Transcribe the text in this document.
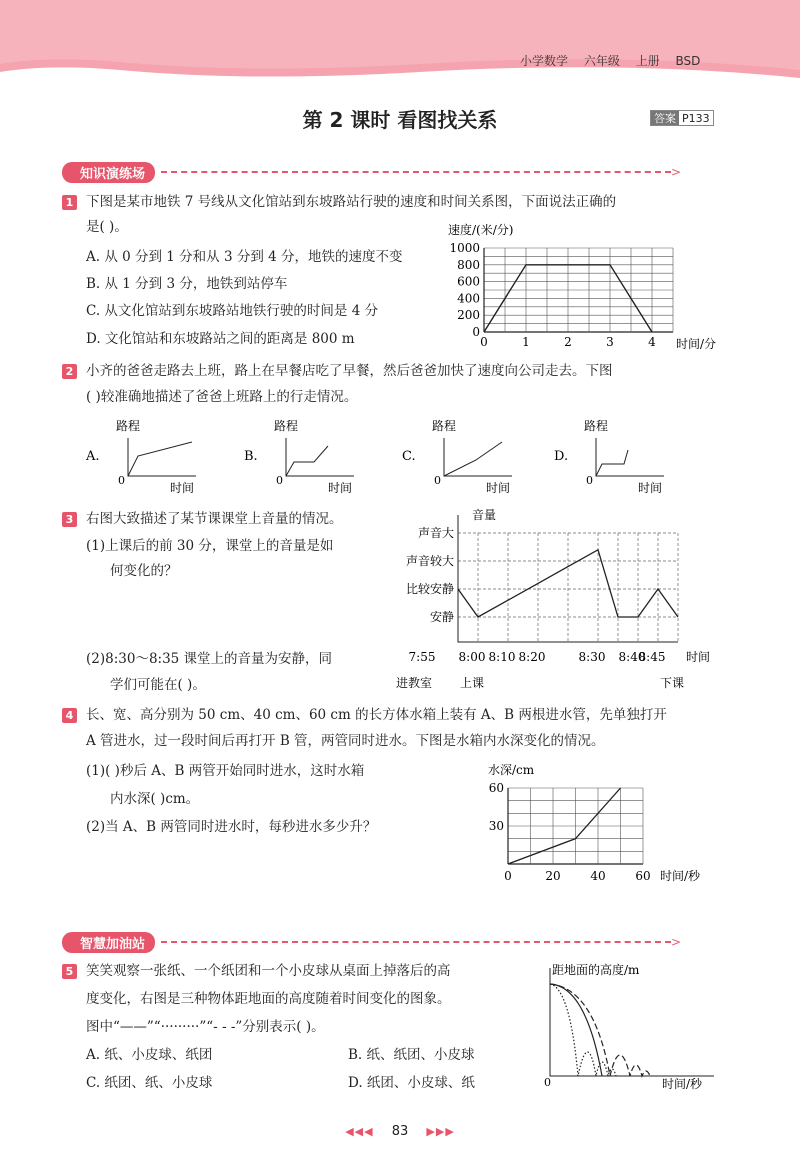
小学数学 六年级 上册 BSD
第 2 课时 看图找关系	答案 P133
知识演练场	>
1 下图是某市地铁 7 号线从文化馆站到东坡路站行驶的速度和时间关系图，下面说法正确的
是( )。
A. 从 0 分到 1 分和从 3 分到 4 分，地铁的速度不变
B. 从 1 分到 3 分，地铁到站停车
C. 从文化馆站到东坡路站地铁行驶的时间是 4 分
D. 文化馆站和东坡路站之间的距离是 800 m
速度/(米/分)
0
200
400
600
800
1000
0	1	2	3	4 时间/分
2 小齐的爸爸走路去上班，路上在早餐店吃了早餐，然后爸爸加快了速度向公司走去。下图
( )较准确地描述了爸爸上班路上的行走情况。
A.
路程
0
时间
B.
路程
0
时间
C.
路程
0
时间
D.
路程
0
时间
3 右图大致描述了某节课课堂上音量的情况。
(1)上课后的前 30 分，课堂上的音量是如
何变化的？
(2)8:30～8:35 课堂上的音量为安静，同
学们可能在( )。
音量
安静
比较安静
声音较大
声音大
7:55 8:00 8:10 8:20	8:30 8:40
8:45 时间
进教室 上课	下课
4 长、宽、高分别为 50 cm、40 cm、60 cm 的长方体水箱上装有 A、B 两根进水管，先单独打开
A 管进水，过一段时间后再打开 B 管，两管同时进水。下图是水箱内水深变化的情况。
(1)( )秒后 A、B 两管开始同时进水，这时水箱
内水深( )cm。
(2)当 A、B 两管同时进水时，每秒进水多少升？
水深/cm
30
60
0	20 40 60 时间/秒
智慧加油站	>
5 笑笑观察一张纸、一个纸团和一个小皮球从桌面上掉落后的高
度变化，右图是三种物体距地面的高度随着时间变化的图象。
图中“——”“·········”“- - -”分别表示( )。
A. 纸、小皮球、纸团	B. 纸、纸团、小皮球
C. 纸团、纸、小皮球	D. 纸团、小皮球、纸
距地面的高度/m
0	时间/秒
◀◀◀ 83 ▶▶▶
